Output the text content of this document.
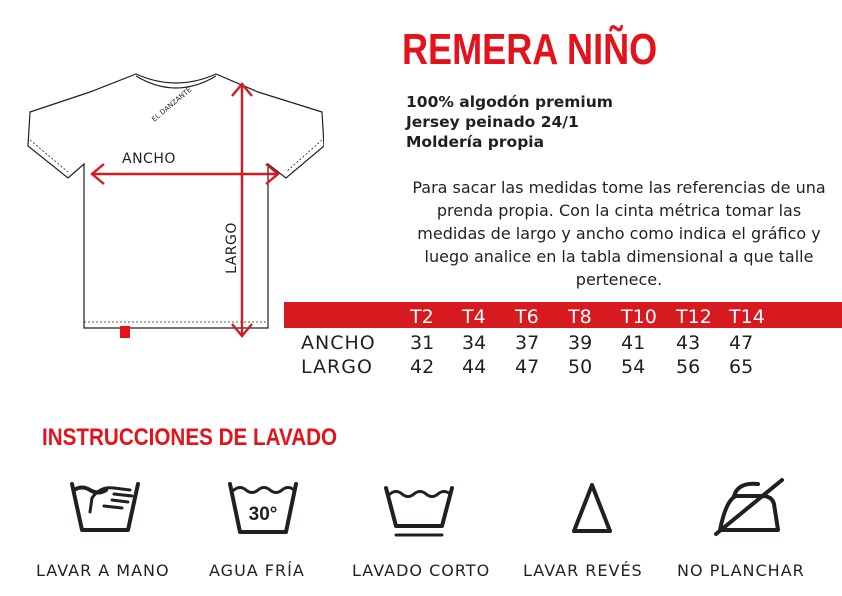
REMERA NIÑO
100% algodón premium
Jersey peinado 24/1
Moldería propia
Para sacar las medidas tome las referencias de una prenda propia. Con la cinta métrica tomar las medidas de largo y ancho como indica el gráfico y luego analice en la tabla dimensional a que talle pertenece.
EL DANZANTE
ANCHO
LARGO
T2 T4 T6 T8 T10 T12 T14
ANCHO 31 34 37 39 41 43 47
LARGO 42 44 47 50 54 56 65
INSTRUCCIONES DE LAVADO
30°
LAVAR A MANO	AGUA FRÍA	LAVADO CORTO	LAVAR REVÉS	NO PLANCHAR
